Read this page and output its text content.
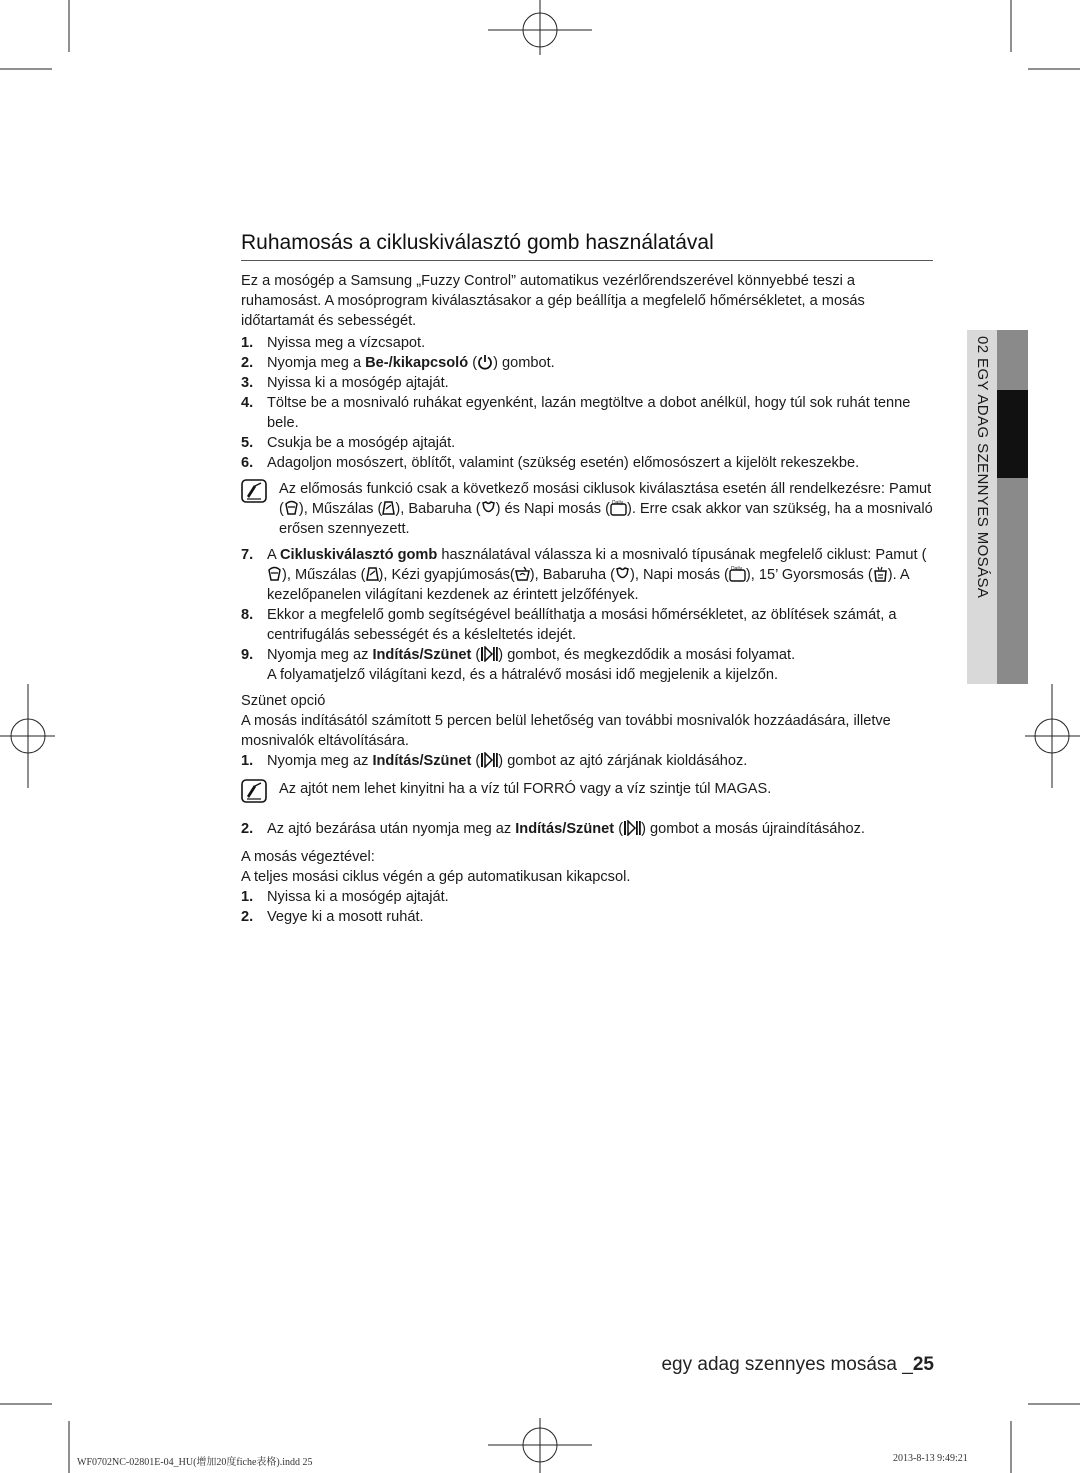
02 EGY ADAG SZENNYES MOSÁSA
Ruhamosás a cikluskiválasztó gomb használatával

Ez a mosógép a Samsung „Fuzzy Control” automatikus vezérlőrendszerével könnyebbé teszi a ruhamosást. A mosóprogram kiválasztásakor a gép beállítja a megfelelő hőmérsékletet, a mosás időtartamát és sebességét.

1. Nyissa meg a vízcsapot.
2. Nyomja meg a Be-/kikapcsoló ( ) gombot.
3. Nyissa ki a mosógép ajtaját.
4. Töltse be a mosnivaló ruhákat egyenként, lazán megtöltve a dobot anélkül, hogy túl sok ruhát tenne bele.
5. Csukja be a mosógép ajtaját.
6. Adagoljon mosószert, öblítőt, valamint (szükség esetén) előmosószert a kijelölt rekeszekbe.
Az előmosás funkció csak a következő mosási ciklusok kiválasztása esetén áll rendelkezésre: Pamut ( ), Műszálas ( ), Babaruha ( ) és Napi mosás ( Daily ). Erre csak akkor van szükség, ha a mosnivaló erősen szennyezett.
7. A Cikluskiválasztó gomb használatával válassza ki a mosnivaló típusának megfelelő ciklust: Pamut (), Műszálas ( ), Kézi gyapjúmosás( ), Babaruha ( ), Napi mosás ( Daily ), 15’ Gyorsmosás ( ). A kezelőpanelen világítani kezdenek az érintett jelzőfények.
8. Ekkor a megfelelő gomb segítségével beállíthatja a mosási hőmérsékletet, az öblítések számát, a centrifugálás sebességét és a késleltetés idejét.
9. Nyomja meg az Indítás/Szünet ( ) gombot, és megkezdődik a mosási folyamat.
A folyamatjelző világítani kezd, és a hátralévő mosási idő megjelenik a kijelzőn.

Szünet opció

A mosás indításától számított 5 percen belül lehetőség van további mosnivalók hozzáadására, illetve mosnivalók eltávolítására.

1. Nyomja meg az Indítás/Szünet ( ) gombot az ajtó zárjának kioldásához.
Az ajtót nem lehet kinyitni ha a víz túl FORRÓ vagy a víz szintje túl MAGAS.
2. Az ajtó bezárása után nyomja meg az Indítás/Szünet ( ) gombot a mosás újraindításához.

A mosás végeztével:

A teljes mosási ciklus végén a gép automatikusan kikapcsol.

1. Nyissa ki a mosógép ajtaját.
2. Vegye ki a mosott ruhát.
egy adag szennyes mosása _25
WF0702NC-02801E-04_HU(增加20度fiche表格).indd 25	2013-8-13 9:49:21
